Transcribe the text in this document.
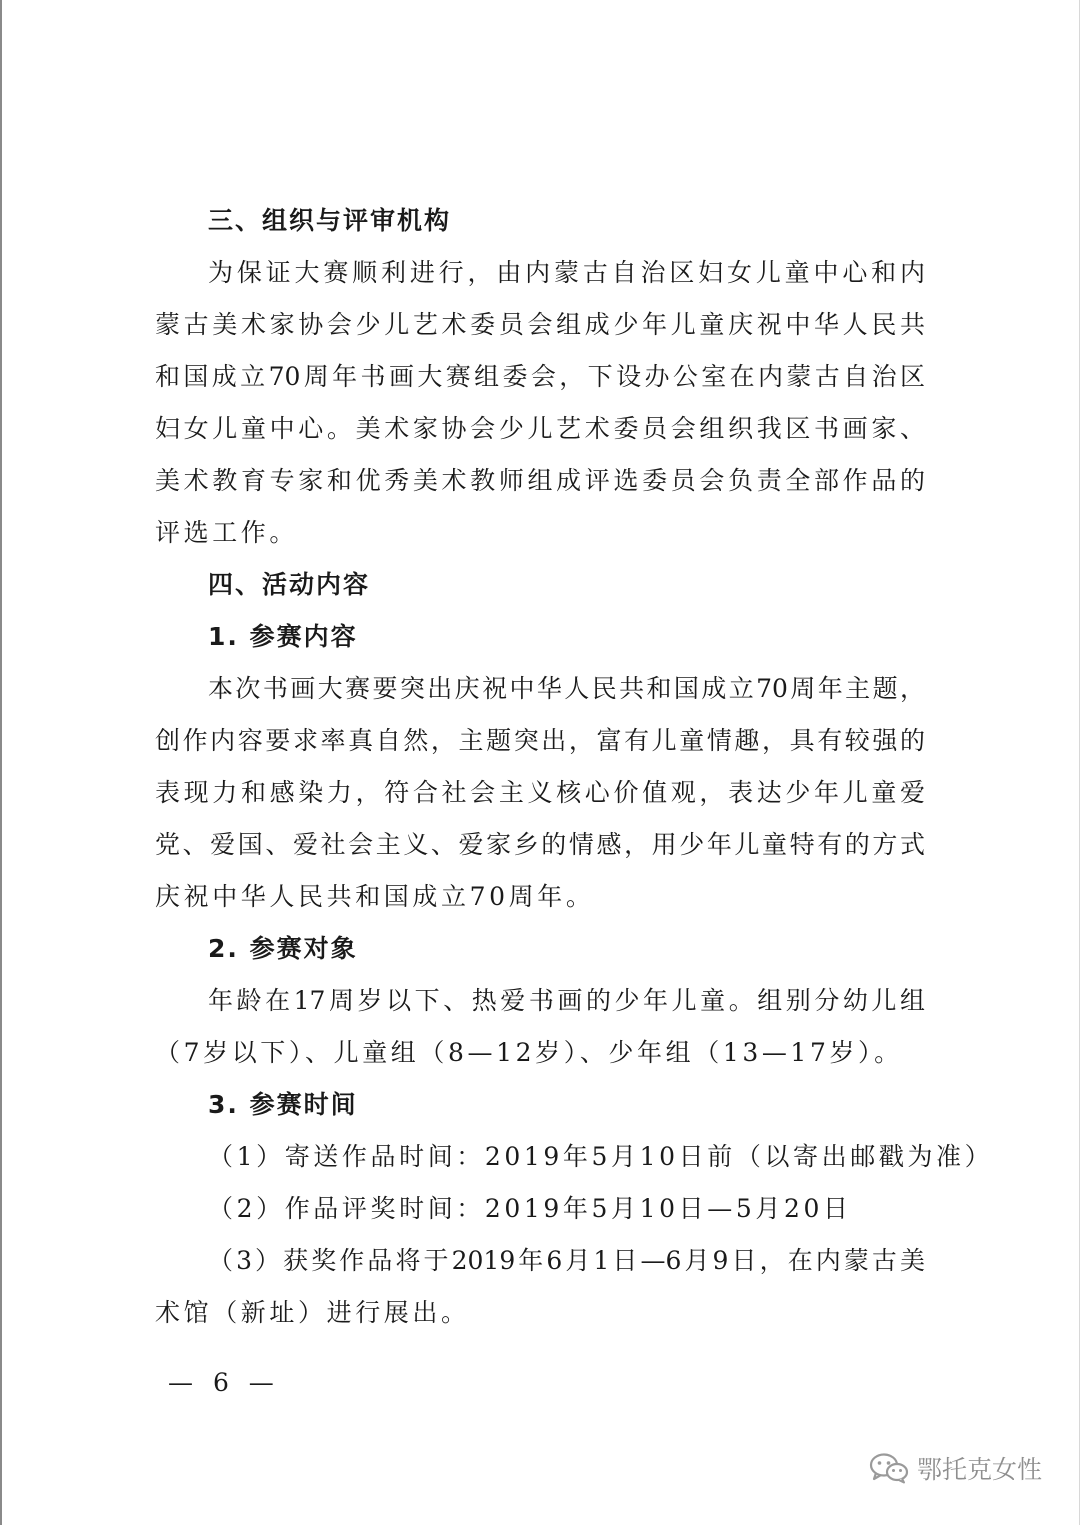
三、组织与评审机构
为保证大赛顺利进行，由内蒙古自治区妇女儿童中心和内
蒙古美术家协会少儿艺术委员会组成少年儿童庆祝中华人民共
和国成立70周年书画大赛组委会，下设办公室在内蒙古自治区
妇女儿童中心。美术家协会少儿艺术委员会组织我区书画家、
美术教育专家和优秀美术教师组成评选委员会负责全部作品的
评选工作。
四、活动内容
1. 参赛内容
本次书画大赛要突出庆祝中华人民共和国成立70周年主题，
创作内容要求率真自然，主题突出，富有儿童情趣，具有较强的
表现力和感染力，符合社会主义核心价值观，表达少年儿童爱
党、爱国、爱社会主义、爱家乡的情感，用少年儿童特有的方式
庆祝中华人民共和国成立70周年。
2. 参赛对象
年龄在17周岁以下、热爱书画的少年儿童。组别分幼儿组
（7岁以下）、儿童组（8—12岁）、少年组（13—17岁）。
3. 参赛时间
（1）寄送作品时间：2019年5月10日前（以寄出邮戳为准）
（2）作品评奖时间：2019年5月10日—5月20日
（3）获奖作品将于2019年6月1日—6月9日，在内蒙古美
术馆（新址）进行展出。
— 6 —
鄂托克女性
